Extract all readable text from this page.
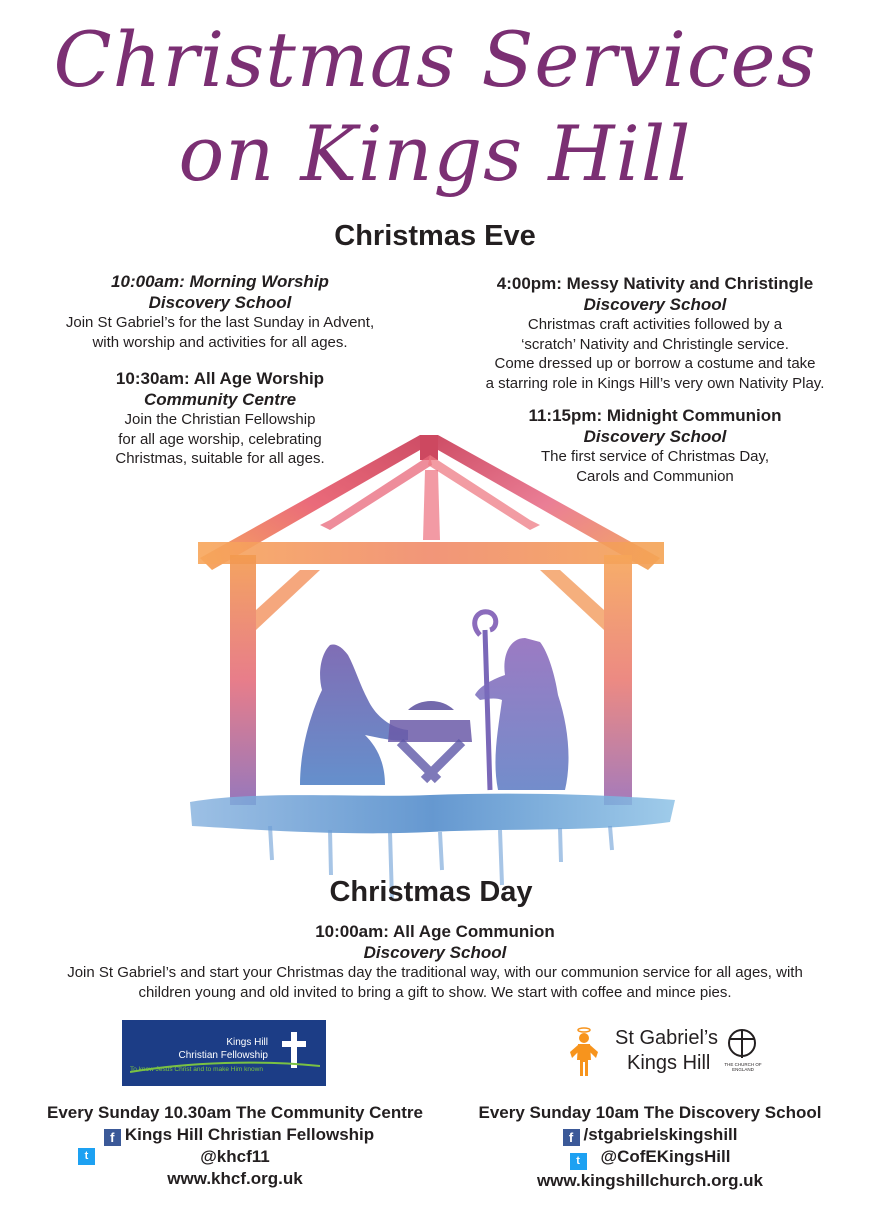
Christmas Services
on Kings Hill
Christmas Eve
10:00am: Morning Worship
Discovery School
Join St Gabriel’s for the last Sunday in Advent,
with worship and activities for all ages.
10:30am: All Age Worship
Community Centre
Join the Christian Fellowship
for all age worship, celebrating
Christmas, suitable for all ages.
4:00pm: Messy Nativity and Christingle
Discovery School
Christmas craft activities followed by a
‘scratch’ Nativity and Christingle service.
Come dressed up or borrow a costume and take
a starring role in Kings Hill’s very own Nativity Play.
11:15pm: Midnight Communion
Discovery School
The first service of Christmas Day,
Carols and Communion
Christmas Day
10:00am: All Age Communion
Discovery School
Join St Gabriel’s and start your Christmas day the traditional way, with our communion service for all ages, with
children young and old invited to bring a gift to show. We start with coffee and mince pies.
Kings Hill
Christian Fellowship
To know Jesus Christ and to make Him known
St Gabriel’s
Kings Hill	THE CHURCH OF ENGLAND
Every Sunday 10.30am The Community Centre
f Kings Hill Christian Fellowship
t	@khcf11
www.khcf.org.uk
Every Sunday 10am The Discovery School
f /stgabrielskingshill
t @CofEKingsHill
www.kingshillchurch.org.uk
